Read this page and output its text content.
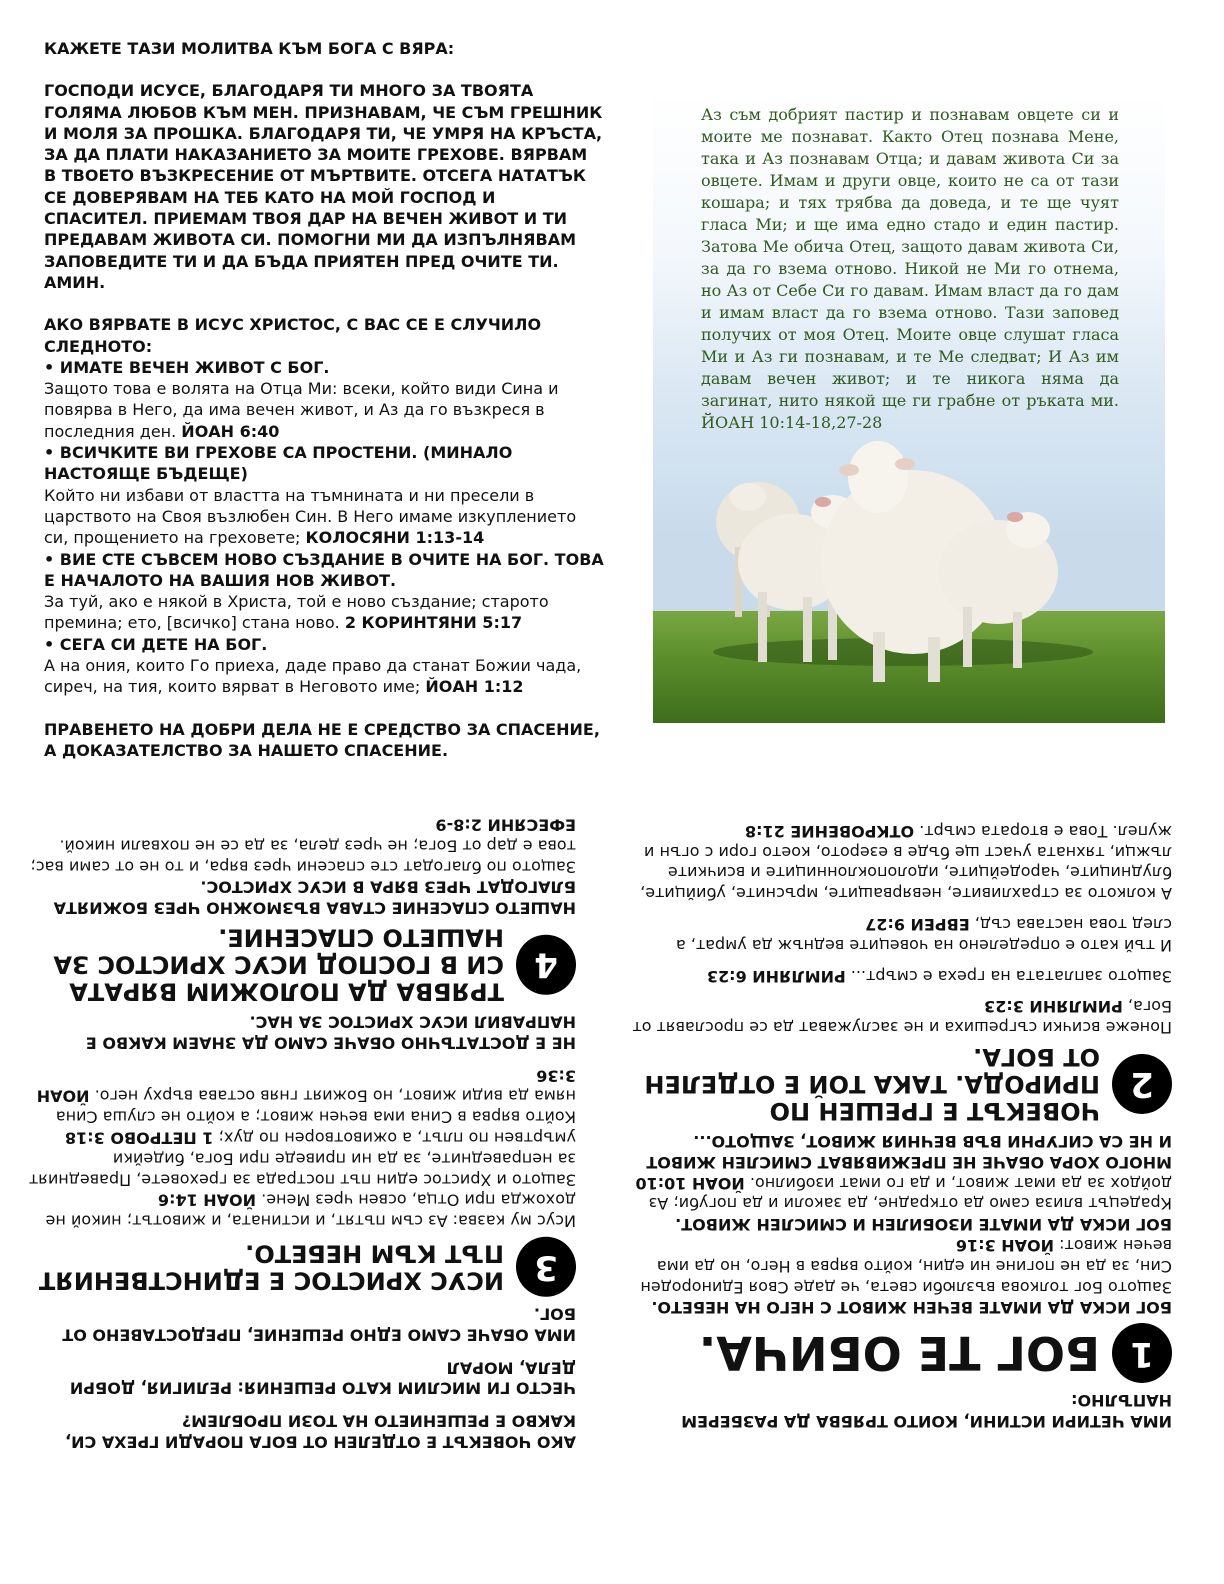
КАЖЕТЕ ТАЗИ МОЛИТВА КЪМ БОГА С ВЯРА:

ГОСПОДИ ИСУСЕ, БЛАГОДАРЯ ТИ МНОГО ЗА ТВОЯТА ГОЛЯМА ЛЮБОВ КЪМ МЕН. ПРИЗНАВАМ, ЧЕ СЪМ ГРЕШНИК И МОЛЯ ЗА ПРОШКА. БЛАГОДАРЯ ТИ, ЧЕ УМРЯ НА КРЪСТА, ЗА ДА ПЛАТИ НАКАЗАНИЕТО ЗА МОИТЕ ГРЕХОВЕ. ВЯРВАМ В ТВОЕТО ВЪЗКРЕСЕНИЕ ОТ МЪРТВИТЕ. ОТСЕГА НАТАТЪК СЕ ДОВЕРЯВАМ НА ТЕБ КАТО НА МОЙ ГОСПОД И СПАСИТЕЛ. ПРИЕМАМ ТВОЯ ДАР НА ВЕЧЕН ЖИВОТ И ТИ ПРЕДАВАМ ЖИВОТА СИ. ПОМОГНИ МИ ДА ИЗПЪЛНЯВАМ ЗАПОВЕДИТЕ ТИ И ДА БЪДА ПРИЯТЕН ПРЕД ОЧИТЕ ТИ. АМИН.

АКО ВЯРВАТЕ В ИСУС ХРИСТОС, С ВАС СЕ Е СЛУЧИЛО СЛЕДНОТО:

• ИМАТЕ ВЕЧЕН ЖИВОТ С БОГ.

Защото това е волята на Отца Ми: всеки, който види Сина и повярва в Него, да има вечен живот, и Аз да го възкреся в последния ден. ЙОАН 6:40

• ВСИЧКИТЕ ВИ ГРЕХОВЕ СА ПРОСТЕНИ. (МИНАЛО НАСТОЯЩЕ БЪДЕЩЕ)

Който ни избави от властта на тъмнината и ни пресели в царството на Своя възлюбен Син. В Него имаме изкуплението си, прощението на греховете; КОЛОСЯНИ 1:13-14

• ВИЕ СТЕ СЪВСЕМ НОВО СЪЗДАНИЕ В ОЧИТЕ НА БОГ. ТОВА Е НАЧАЛОТО НА ВАШИЯ НОВ ЖИВОТ.

За туй, ако е някой в Христа, той е ново създание; старото премина; ето, [всичко] стана ново. 2 КОРИНТЯНИ 5:17

• СЕГА СИ ДЕТЕ НА БОГ.

А на ония, които Го приеха, даде право да станат Божии чада, сиреч, на тия, които вярват в Неговото име; ЙОАН 1:12

ПРАВЕНЕТО НА ДОБРИ ДЕЛА НЕ Е СРЕДСТВО ЗА СПАСЕНИЕ, А ДОКАЗАТЕЛСТВО ЗА НАШЕТО СПАСЕНИЕ.

Аз съм добрият пастир и познавам овцете си и моите ме познават. Както Отец познава Мене, така и Аз познавам Отца; и давам живота Си за овцете. Имам и други овце, които не са от тази кошара; и тях трябва да доведа, и те ще чуят гласа Ми; и ще има едно стадо и един пастир. Затова Ме обича Отец, защото давам живота Си, за да го взема отново. Никой не Ми го отнема, но Аз от Себе Си го давам. Имам власт да го дам и имам власт да го взема отново. Тази заповед получих от моя Отец. Моите овце слушат гласа Ми и Аз ги познавам, и те Ме следват; И Аз им давам вечен живот; и те никога няма да загинат, нито някой ще ги грабне от ръката ми. ЙОАН 10:14-18,27-28

АКО ЧОВЕКЪТ Е ОТДЕЛЕН ОТ БОГА ПОРАДИ ГРЕХА СИ, КАКВО Е РЕШЕНИЕТО НА ТОЗИ ПРОБЛЕМ?

ЧЕСТО ГИ МИСЛИМ КАТО РЕШЕНИЯ: РЕЛИГИЯ, ДОБРИ ДЕЛА, МОРАЛ

ИМА ОБАЧЕ САМО ЕДНО РЕШЕНИЕ, ПРЕДОСТАВЕНО ОТ БОГ.

3
ИСУС ХРИСТОС Е ЕДИНСТВЕНИЯТ ПЪТ КЪМ НЕБЕТО.

Исус му казва: Аз съм пътят, и истината, и животът; никой не дохожда при Отца, освен чрез Мене. ЙОАН 14:6

Защото и Христос един път пострада за греховете, Праведният за неправедните, за да ни приведе при Бога, бидейки умъртвен по плът, а оживотворен по дух; 1 ПЕТРОВО 3:18

Който вярва в Сина има вечен живот; а който не слуша Сина няма да види живот, но Божият гняв остава върху него. ЙОАН 3:36

НЕ Е ДОСТАТЪЧНО ОБАЧЕ САМО ДА ЗНАЕМ КАКВО Е НАПРАВИЛ ИСУС ХРИСТОС ЗА НАС.

4
ТРЯБВА ДА ПОЛОЖИМ ВЯРАТА СИ В ГОСПОД ИСУС ХРИСТОС ЗА НАШЕТО СПАСЕНИЕ.

НАШЕТО СПАСЕНИЕ СТАВА ВЪЗМОЖНО ЧРЕЗ БОЖИЯТА БЛАГОДАТ ЧРЕЗ ВЯРА В ИСУС ХРИСТОС.

Защото по благодат сте спасени чрез вяра, и то не от сами вас; това е дар от Бога; не чрез дела, за да се не похвали никой. ЕФЕСЯНИ 2:8-9

ИМА ЧЕТИРИ ИСТИНИ, КОИТО ТРЯБВА ДА РАЗБЕРЕМ НАПЪЛНО:

1
БОГ ТЕ ОБИЧА.

БОГ ИСКА ДА ИМАТЕ ВЕЧЕН ЖИВОТ С НЕГО НА НЕБЕТО.

Защото Бог толкова възлюби света, че даде Своя Единороден Син, за да не погине ни един, който вярва в Него, но да има вечен живот: ЙОАН 3:16

БОГ ИСКА ДА ИМАТЕ ИЗОБИЛЕН И СМИСЛЕН ЖИВОТ.

Крадецът влиза само да открадне, да заколи и да погуби; Аз дойдох за да имат живот, и да го имат изобилно. ЙОАН 10:10

МНОГО ХОРА ОБАЧЕ НЕ ПРЕЖИВЯВАТ СМИСЛЕН ЖИВОТ И НЕ СА СИГУРНИ ВЪВ ВЕЧНИЯ ЖИВОТ, ЗАЩОТО...

2
ЧОВЕКЪТ Е ГРЕШЕН ПО ПРИРОДА. ТАКА ТОЙ Е ОТДЕЛЕН ОТ БОГА.

Понеже всички съгрешиха и не заслужават да се прославят от Бога, РИМЛЯНИ 3:23

Защото заплатата на греха е смърт... РИМЛЯНИ 6:23

И тъй като е определено на човеците веднъж да умрат, а след това настава съд, ЕВРЕИ 9:27

А колкото за страхливите, невярващите, мръсните, убийците, блудниците, чародейците, идолопоклонниците и всичките лъжци, тяхната участ ще бъде в езерото, което гори с огън и жупел. Това е втората смърт. ОТКРОВЕНИЕ 21:8
